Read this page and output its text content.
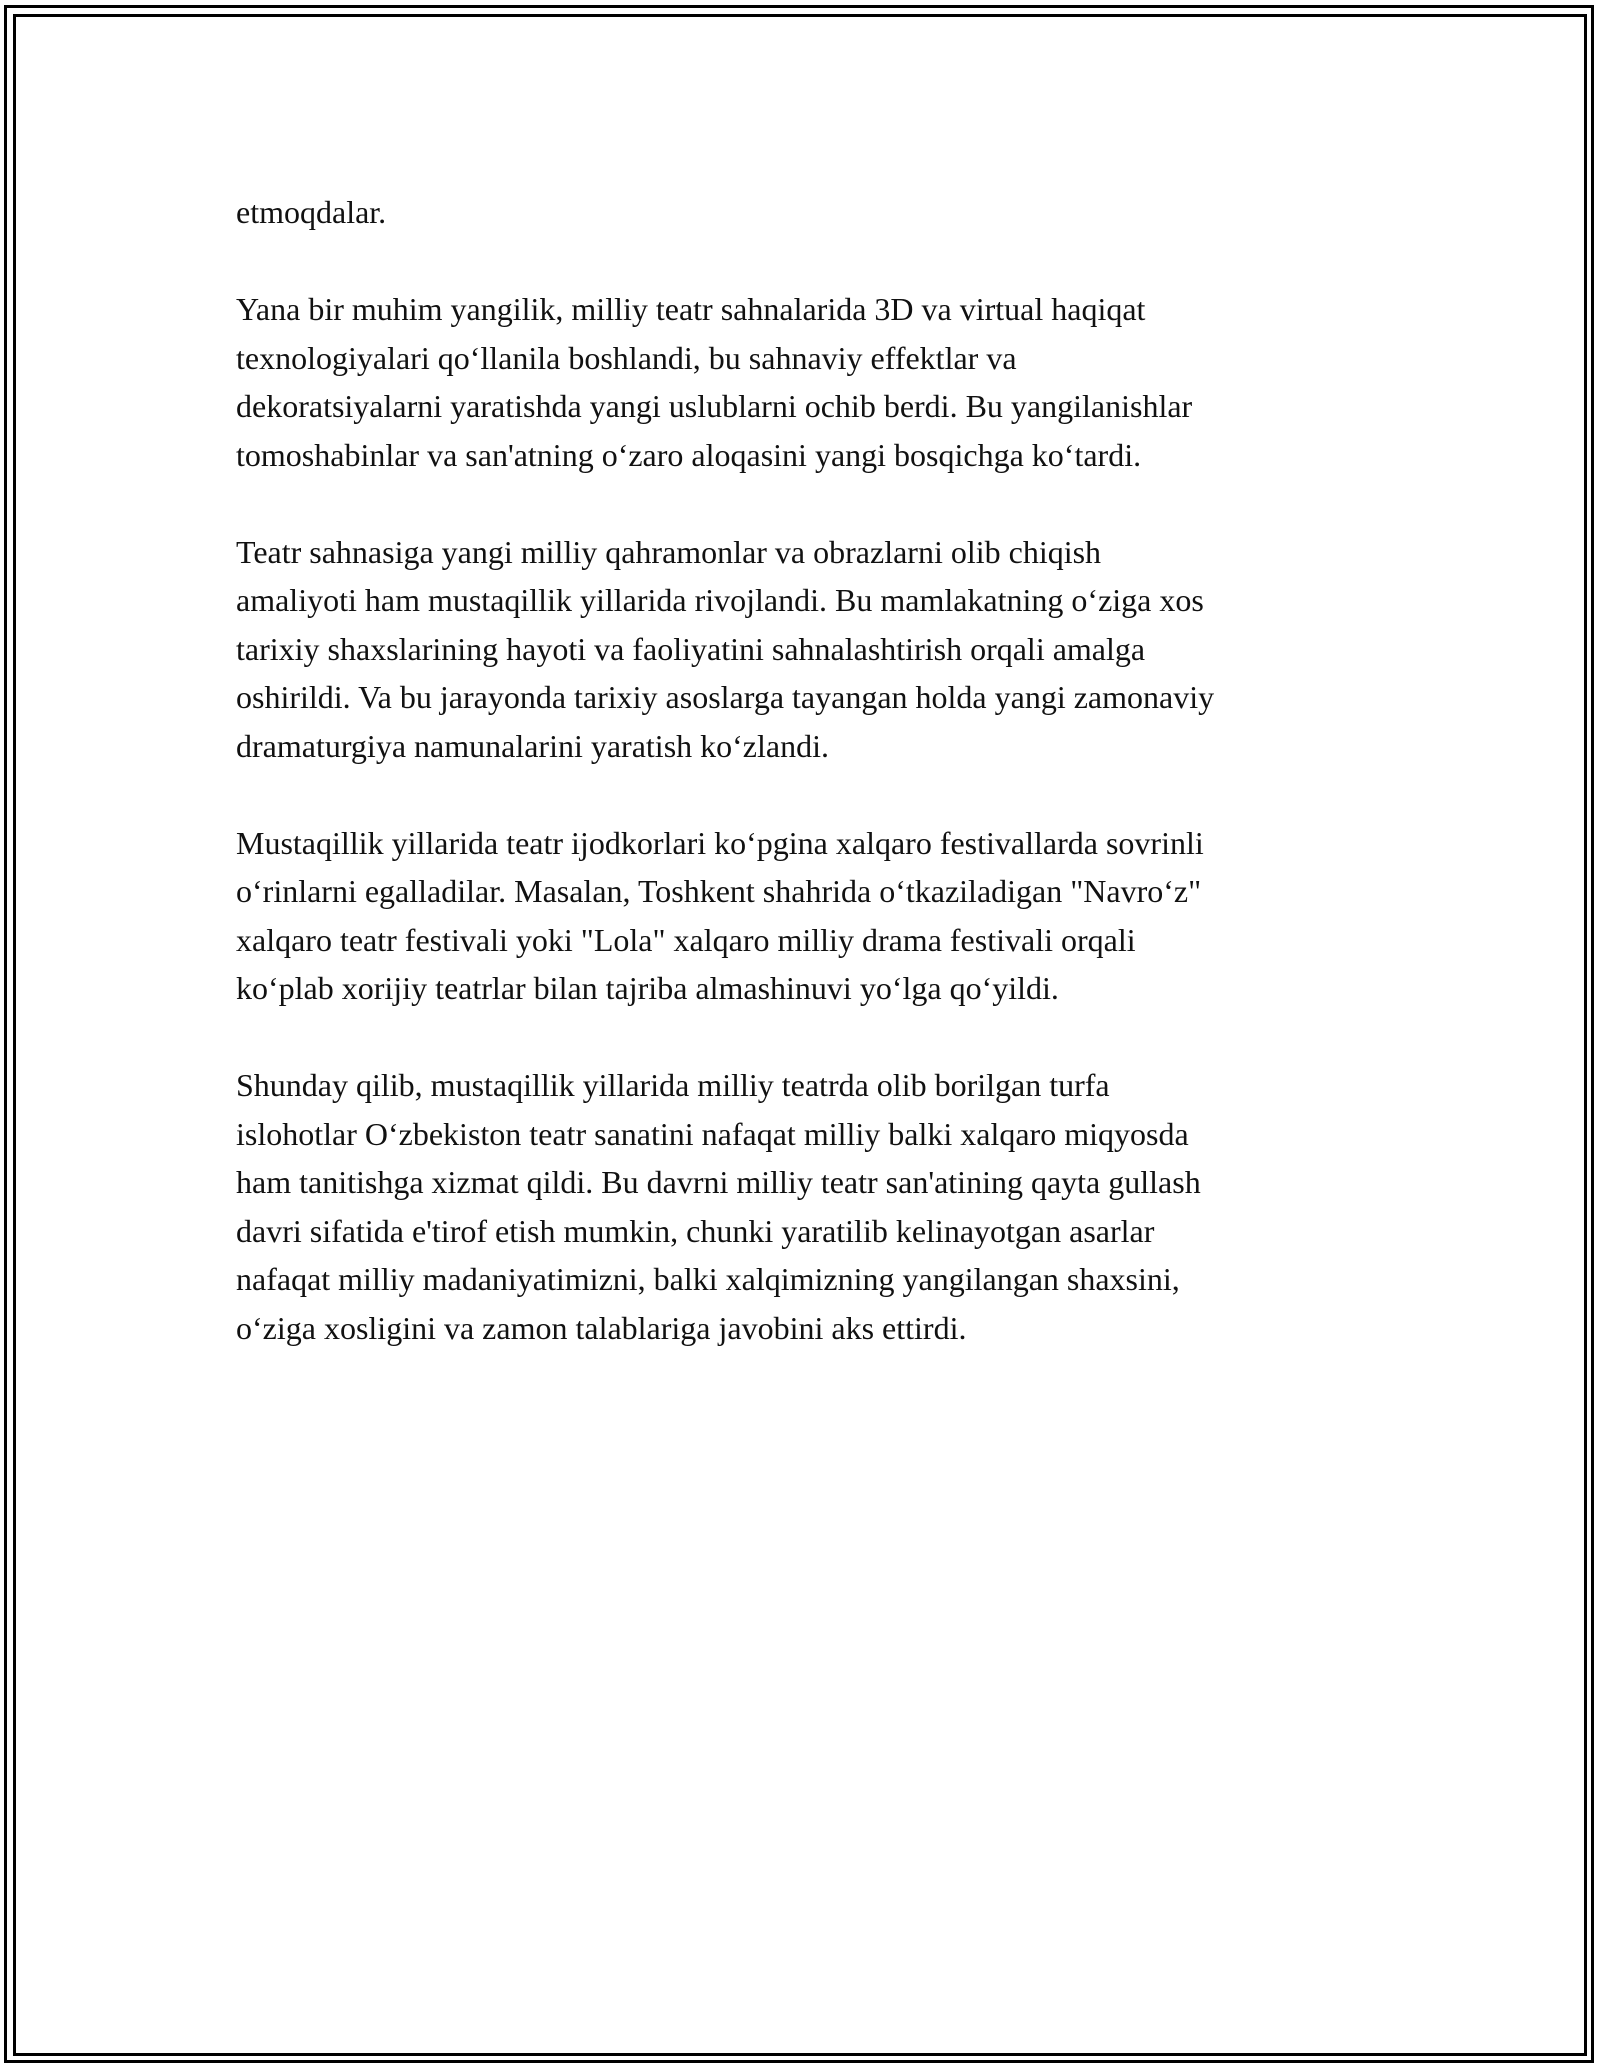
etmoqdalar.

Yana bir muhim yangilik, milliy teatr sahnalarida 3D va virtual haqiqat
texnologiyalari qo‘llanila boshlandi, bu sahnaviy effektlar va
dekoratsiyalarni yaratishda yangi uslublarni ochib berdi. Bu yangilanishlar
tomoshabinlar va san'atning o‘zaro aloqasini yangi bosqichga ko‘tardi.

Teatr sahnasiga yangi milliy qahramonlar va obrazlarni olib chiqish
amaliyoti ham mustaqillik yillarida rivojlandi. Bu mamlakatning o‘ziga xos
tarixiy shaxslarining hayoti va faoliyatini sahnalashtirish orqali amalga
oshirildi. Va bu jarayonda tarixiy asoslarga tayangan holda yangi zamonaviy
dramaturgiya namunalarini yaratish ko‘zlandi.

Mustaqillik yillarida teatr ijodkorlari ko‘pgina xalqaro festivallarda sovrinli
o‘rinlarni egalladilar. Masalan, Toshkent shahrida o‘tkaziladigan "Navro‘z"
xalqaro teatr festivali yoki "Lola" xalqaro milliy drama festivali orqali
ko‘plab xorijiy teatrlar bilan tajriba almashinuvi yo‘lga qo‘yildi.

Shunday qilib, mustaqillik yillarida milliy teatrda olib borilgan turfa
islohotlar O‘zbekiston teatr sanatini nafaqat milliy balki xalqaro miqyosda
ham tanitishga xizmat qildi. Bu davrni milliy teatr san'atining qayta gullash
davri sifatida e'tirof etish mumkin, chunki yaratilib kelinayotgan asarlar
nafaqat milliy madaniyatimizni, balki xalqimizning yangilangan shaxsini,
o‘ziga xosligini va zamon talablariga javobini aks ettirdi.
